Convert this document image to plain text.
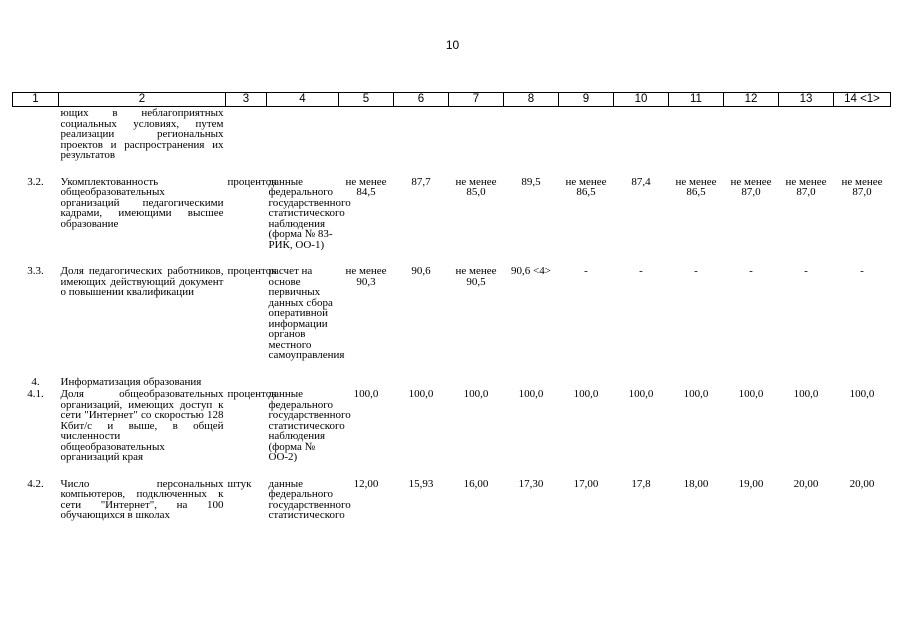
10
1	2	3	4	5	6	7	8	9	10	11	12	13	14 <1>
	ющих в неблагоприятных социальных условиях, путем реализации региональных проектов и распространения их результатов												

3.2.	Укомплектованность общеобразовательных организаций педагогическими кадрами, имеющими высшее образование	процентов	данные федерального государственного статистического наблюдения (форма № 83-РИК, ОО-1)	не менее 84,5	87,7	не менее 85,0	89,5	не менее 86,5	87,4	не менее 86,5	не менее 87,0	не менее 87,0	не менее 87,0

3.3.	Доля педагогических работников, имеющих действующий документ о повышении квалификации	процентов	расчет на основе первичных данных сбора оперативной информации органов местного самоуправления	не менее 90,3	90,6	не менее 90,5	90,6 <4>	-	-	-	-	-	-

4.	Информатизация образования												
4.1.	Доля общеобразовательных организаций, имеющих доступ к сети "Интернет" со скоростью 128 Кбит/с и выше, в общей численности общеобразовательных организаций края	процентов	данные федерального государственного статистического наблюдения (форма № ОО-2)	100,0	100,0	100,0	100,0	100,0	100,0	100,0	100,0	100,0	100,0

4.2.	Число персональных компьютеров, подключенных к сети "Интернет", на 100 обучающихся в школах	штук	данные федерального государственного статистического	12,00	15,93	16,00	17,30	17,00	17,8	18,00	19,00	20,00	20,00
